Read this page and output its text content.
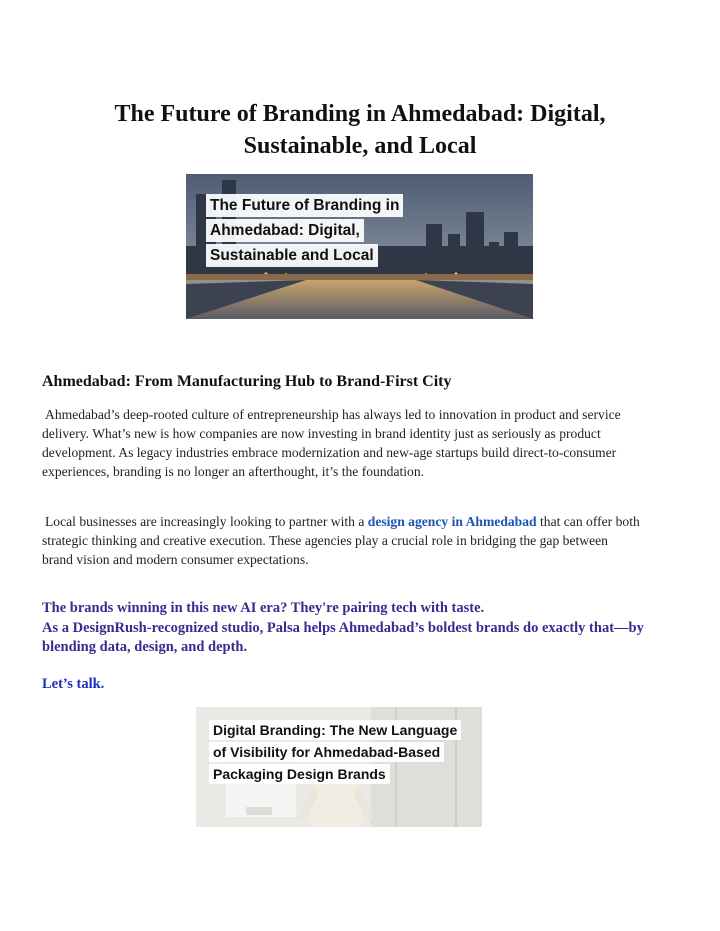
The Future of Branding in Ahmedabad: Digital,
Sustainable, and Local
The Future of Branding in
Ahmedabad: Digital,
Sustainable and Local
Ahmedabad: From Manufacturing Hub to Brand-First City

Ahmedabad’s deep-rooted culture of entrepreneurship has always led to innovation in product and service delivery. What’s new is how companies are now investing in brand identity just as seriously as product development. As legacy industries embrace modernization and new-age startups build direct-to-consumer experiences, branding is no longer an afterthought, it’s the foundation.

Local businesses are increasingly looking to partner with a design agency in Ahmedabad that can offer both strategic thinking and creative execution. These agencies play a crucial role in bridging the gap between brand vision and modern consumer expectations.

The brands winning in this new AI era? They're pairing tech with taste.
As a DesignRush-recognized studio, Palsa helps Ahmedabad’s boldest brands do exactly that—by blending data, design, and depth.
Let’s talk.
Digital Branding: The New Language
of Visibility for Ahmedabad-Based
Packaging Design Brands
